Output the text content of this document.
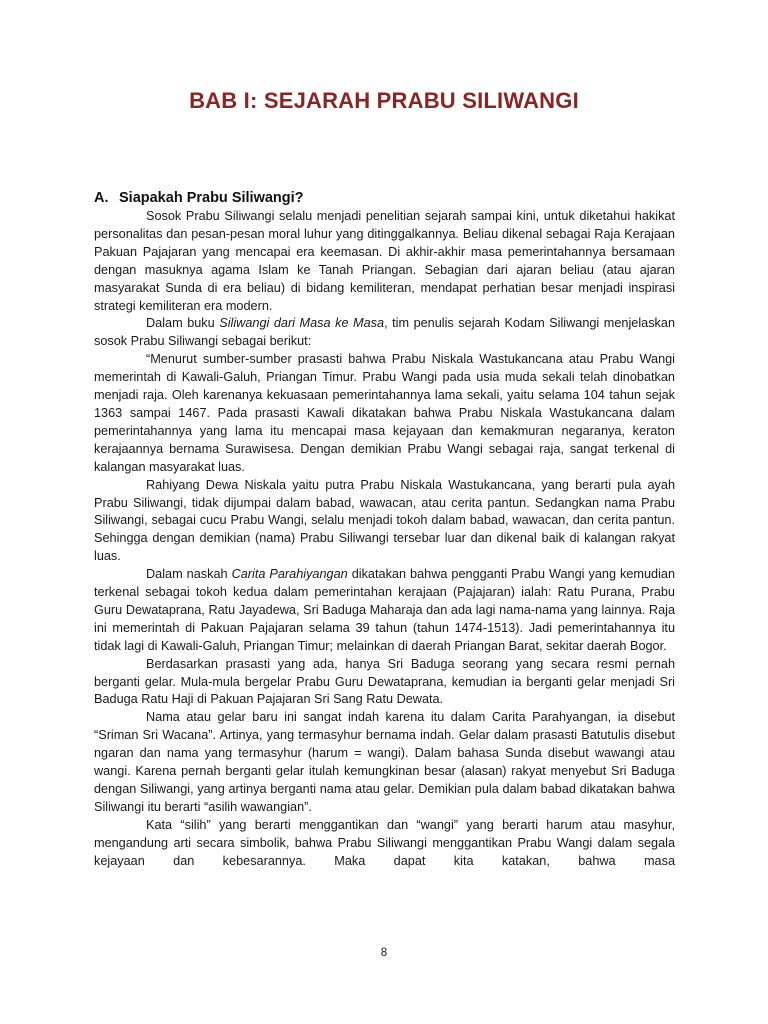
BAB I: SEJARAH PRABU SILIWANGI
A. Siapakah Prabu Siliwangi?

Sosok Prabu Siliwangi selalu menjadi penelitian sejarah sampai kini, untuk diketahui hakikat personalitas dan pesan-pesan moral luhur yang ditinggalkannya. Beliau dikenal sebagai Raja Kerajaan Pakuan Pajajaran yang mencapai era keemasan. Di akhir-akhir masa pemerintahannya bersamaan dengan masuknya agama Islam ke Tanah Priangan. Sebagian dari ajaran beliau (atau ajaran masyarakat Sunda di era beliau) di bidang kemiliteran, mendapat perhatian besar menjadi inspirasi strategi kemiliteran era modern.

Dalam buku Siliwangi dari Masa ke Masa, tim penulis sejarah Kodam Siliwangi menjelaskan sosok Prabu Siliwangi sebagai berikut:

“Menurut sumber-sumber prasasti bahwa Prabu Niskala Wastukancana atau Prabu Wangi memerintah di Kawali-Galuh, Priangan Timur. Prabu Wangi pada usia muda sekali telah dinobatkan menjadi raja. Oleh karenanya kekuasaan pemerintahannya lama sekali, yaitu selama 104 tahun sejak 1363 sampai 1467. Pada prasasti Kawali dikatakan bahwa Prabu Niskala Wastukancana dalam pemerintahannya yang lama itu mencapai masa kejayaan dan kemakmuran negaranya, keraton kerajaannya bernama Surawisesa. Dengan demikian Prabu Wangi sebagai raja, sangat terkenal di kalangan masyarakat luas.

Rahiyang Dewa Niskala yaitu putra Prabu Niskala Wastukancana, yang berarti pula ayah Prabu Siliwangi, tidak dijumpai dalam babad, wawacan, atau cerita pantun. Sedangkan nama Prabu Siliwangi, sebagai cucu Prabu Wangi, selalu menjadi tokoh dalam babad, wawacan, dan cerita pantun. Sehingga dengan demikian (nama) Prabu Siliwangi tersebar luar dan dikenal baik di kalangan rakyat luas.

Dalam naskah Carita Parahiyangan dikatakan bahwa pengganti Prabu Wangi yang kemudian terkenal sebagai tokoh kedua dalam pemerintahan kerajaan (Pajajaran) ialah: Ratu Purana, Prabu Guru Dewataprana, Ratu Jayadewa, Sri Baduga Maharaja dan ada lagi nama-nama yang lainnya. Raja ini memerintah di Pakuan Pajajaran selama 39 tahun (tahun 1474-1513). Jadi pemerintahannya itu tidak lagi di Kawali-Galuh, Priangan Timur; melainkan di daerah Priangan Barat, sekitar daerah Bogor.

Berdasarkan prasasti yang ada, hanya Sri Baduga seorang yang secara resmi pernah berganti gelar. Mula-mula bergelar Prabu Guru Dewataprana, kemudian ia berganti gelar menjadi Sri Baduga Ratu Haji di Pakuan Pajajaran Sri Sang Ratu Dewata.

Nama atau gelar baru ini sangat indah karena itu dalam Carita Parahyangan, ia disebut “Sriman Sri Wacana”. Artinya, yang termasyhur bernama indah. Gelar dalam prasasti Batutulis disebut ngaran dan nama yang termasyhur (harum = wangi). Dalam bahasa Sunda disebut wawangi atau wangi. Karena pernah berganti gelar itulah kemungkinan besar (alasan) rakyat menyebut Sri Baduga dengan Siliwangi, yang artinya berganti nama atau gelar. Demikian pula dalam babad dikatakan bahwa Siliwangi itu berarti “asilih wawangian”.

Kata “silih” yang berarti menggantikan dan “wangi” yang berarti harum atau masyhur, mengandung arti secara simbolik, bahwa Prabu Siliwangi menggantikan Prabu Wangi dalam segala kejayaan dan kebesarannya. Maka dapat kita katakan, bahwa masa

8
